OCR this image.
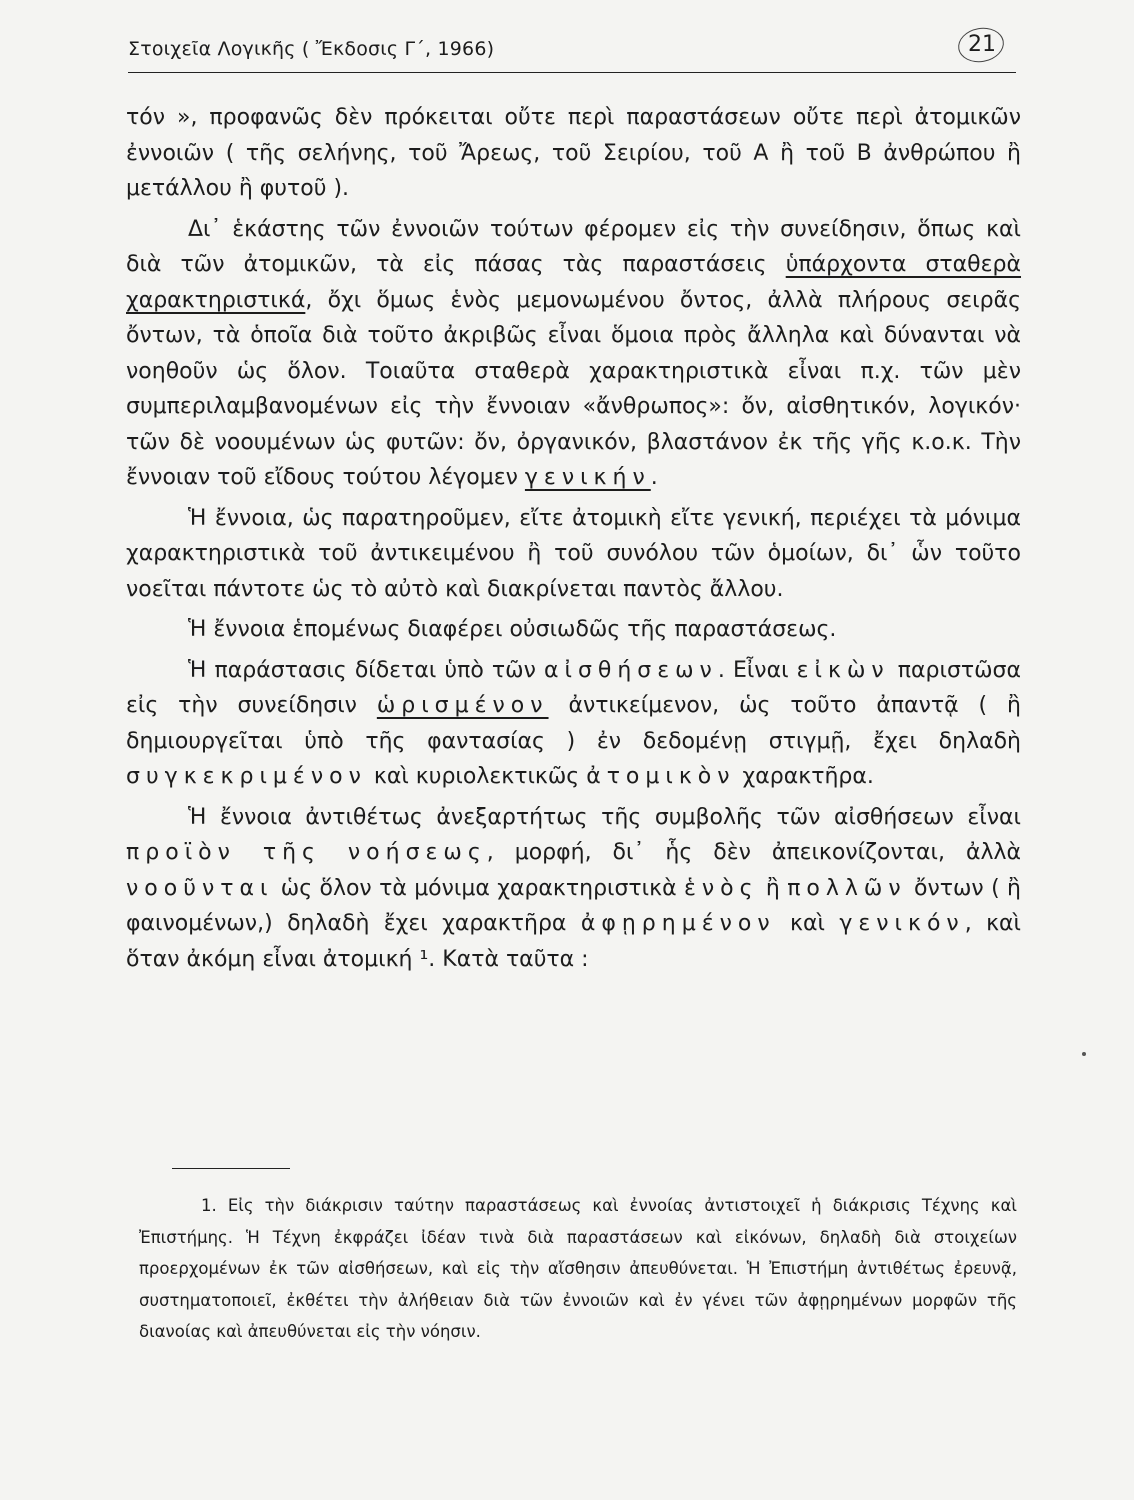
Στοιχεῖα Λογικῆς ( Ἔκδοσις Γ΄, 1966)	21

τόν », προφανῶς δὲν πρόκειται οὔτε περὶ παραστάσεων οὔτε περὶ ἀτομικῶν ἐννοιῶν ( τῆς σελήνης, τοῦ Ἄρεως, τοῦ Σειρίου, τοῦ Α ἢ τοῦ Β ἀνθρώπου ἢ μετάλλου ἢ φυτοῦ ).

Δι᾽ ἑκάστης τῶν ἐννοιῶν τούτων φέρομεν εἰς τὴν συνείδησιν, ὅπως καὶ διὰ τῶν ἀτομικῶν, τὰ εἰς πάσας τὰς παραστάσεις ὑπάρχοντα σταθερὰ χαρακτηριστικά, ὄχι ὅμως ἑνὸς μεμονωμένου ὄντος, ἀλλὰ πλήρους σειρᾶς ὄντων, τὰ ὁποῖα διὰ τοῦτο ἀκριβῶς εἶναι ὅμοια πρὸς ἄλληλα καὶ δύνανται νὰ νοηθοῦν ὡς ὅλον. Τοιαῦτα σταθερὰ χαρακτηριστικὰ εἶναι π.χ. τῶν μὲν συμπεριλαμβανομένων εἰς τὴν ἔννοιαν «ἄνθρωπος»: ὄν, αἰσθητικόν, λογικόν· τῶν δὲ νοουμένων ὡς φυτῶν: ὄν, ὀργανικόν, βλαστάνον ἐκ τῆς γῆς κ.ο.κ. Τὴν ἔννοιαν τοῦ εἴδους τούτου λέγομεν γενικήν.

Ἡ ἔννοια, ὡς παρατηροῦμεν, εἴτε ἀτομικὴ εἴτε γενική, περιέχει τὰ μόνιμα χαρακτηριστικὰ τοῦ ἀντικειμένου ἢ τοῦ συνόλου τῶν ὁμοίων, δι᾽ ὧν τοῦτο νοεῖται πάντοτε ὡς τὸ αὐτὸ καὶ διακρίνεται παντὸς ἄλλου.

Ἡ ἔννοια ἑπομένως διαφέρει οὐσιωδῶς τῆς παραστάσεως.

Ἡ παράστασις δίδεται ὑπὸ τῶν αἰσθήσεων. Εἶναι εἰκὼν παριστῶσα εἰς τὴν συνείδησιν ὡρισμένον ἀντικείμενον, ὡς τοῦτο ἀπαντᾷ ( ἢ δημιουργεῖται ὑπὸ τῆς φαντασίας ) ἐν δεδομένῃ στιγμῇ, ἔχει δηλαδὴ συγκεκριμένον καὶ κυριολεκτικῶς ἀτομικὸν χαρακτῆρα.

Ἡ ἔννοια ἀντιθέτως ἀνεξαρτήτως τῆς συμβολῆς τῶν αἰσθήσεων εἶναι προϊὸν τῆς νοήσεως, μορφή, δι᾽ ἧς δὲν ἀπεικονίζονται, ἀλλὰ νοοῦνται ὡς ὅλον τὰ μόνιμα χαρακτηριστικὰ ἑνὸς ἢ πολλῶν ὄντων ( ἢ φαινομένων,) δηλαδὴ ἔχει χαρακτῆρα ἀφῃρημένον καὶ γενικόν, καὶ ὅταν ἀκόμη εἶναι ἀτομική ¹. Κατὰ ταῦτα :

1. Εἰς τὴν διάκρισιν ταύτην παραστάσεως καὶ ἐννοίας ἀντιστοιχεῖ ἡ διάκρισις Τέχνης καὶ Ἐπιστήμης. Ἡ Τέχνη ἐκφράζει ἰδέαν τινὰ διὰ παραστάσεων καὶ εἰκόνων, δηλαδὴ διὰ στοιχείων προερχομένων ἐκ τῶν αἰσθήσεων, καὶ εἰς τὴν αἴσθησιν ἀπευθύνεται. Ἡ Ἐπιστήμη ἀντιθέτως ἐρευνᾷ, συστηματοποιεῖ, ἐκθέτει τὴν ἀλήθειαν διὰ τῶν ἐννοιῶν καὶ ἐν γένει τῶν ἀφῃρημένων μορφῶν τῆς διανοίας καὶ ἀπευθύνεται εἰς τὴν νόησιν.
